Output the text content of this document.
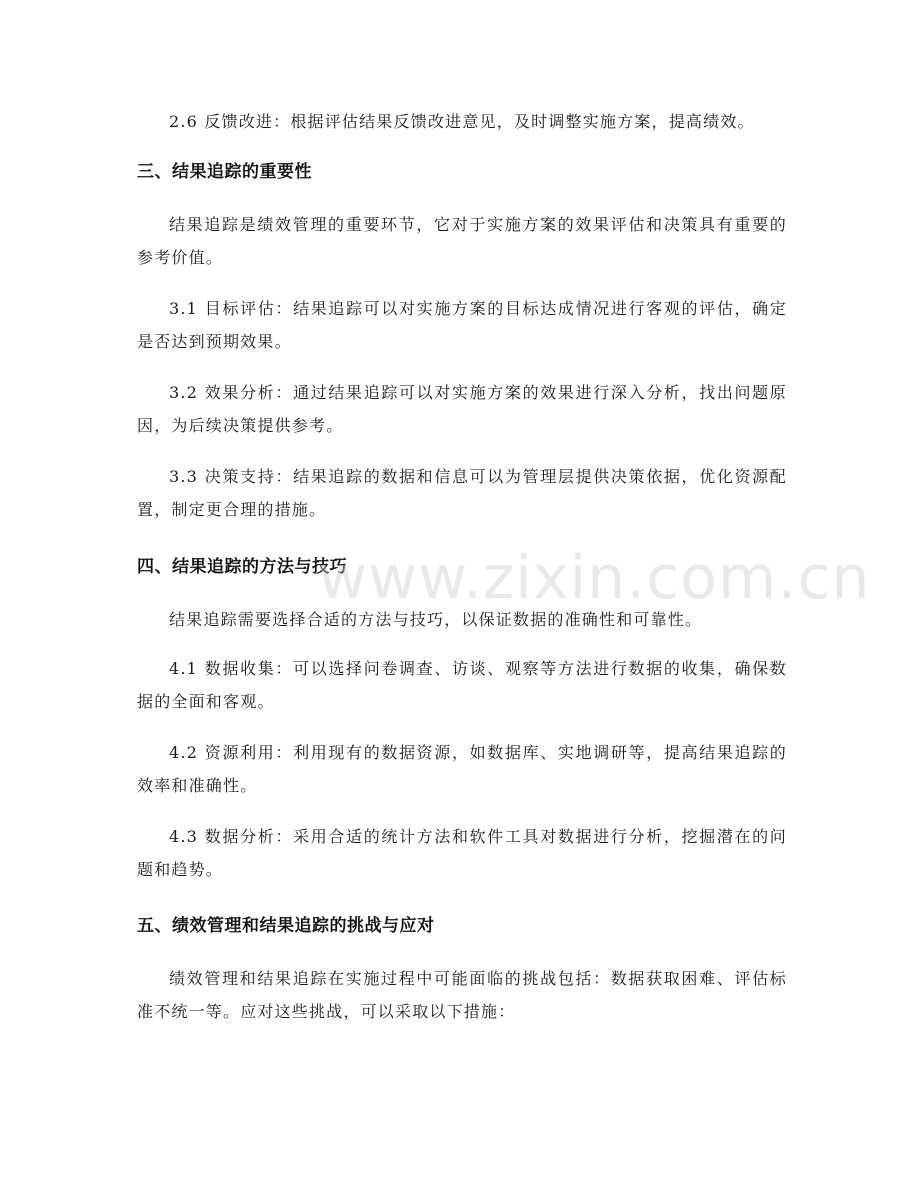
2.6 反馈改进：根据评估结果反馈改进意见，及时调整实施方案，提高绩效。

三、结果追踪的重要性

结果追踪是绩效管理的重要环节，它对于实施方案的效果评估和决策具有重要的参考价值。

3.1 目标评估：结果追踪可以对实施方案的目标达成情况进行客观的评估，确定是否达到预期效果。

3.2 效果分析：通过结果追踪可以对实施方案的效果进行深入分析，找出问题原因，为后续决策提供参考。

3.3 决策支持：结果追踪的数据和信息可以为管理层提供决策依据，优化资源配置，制定更合理的措施。

四、结果追踪的方法与技巧

结果追踪需要选择合适的方法与技巧，以保证数据的准确性和可靠性。

4.1 数据收集：可以选择问卷调查、访谈、观察等方法进行数据的收集，确保数据的全面和客观。

4.2 资源利用：利用现有的数据资源，如数据库、实地调研等，提高结果追踪的效率和准确性。

4.3 数据分析：采用合适的统计方法和软件工具对数据进行分析，挖掘潜在的问题和趋势。

五、绩效管理和结果追踪的挑战与应对

绩效管理和结果追踪在实施过程中可能面临的挑战包括：数据获取困难、评估标准不统一等。应对这些挑战，可以采取以下措施：

www.zixin.com.cn
